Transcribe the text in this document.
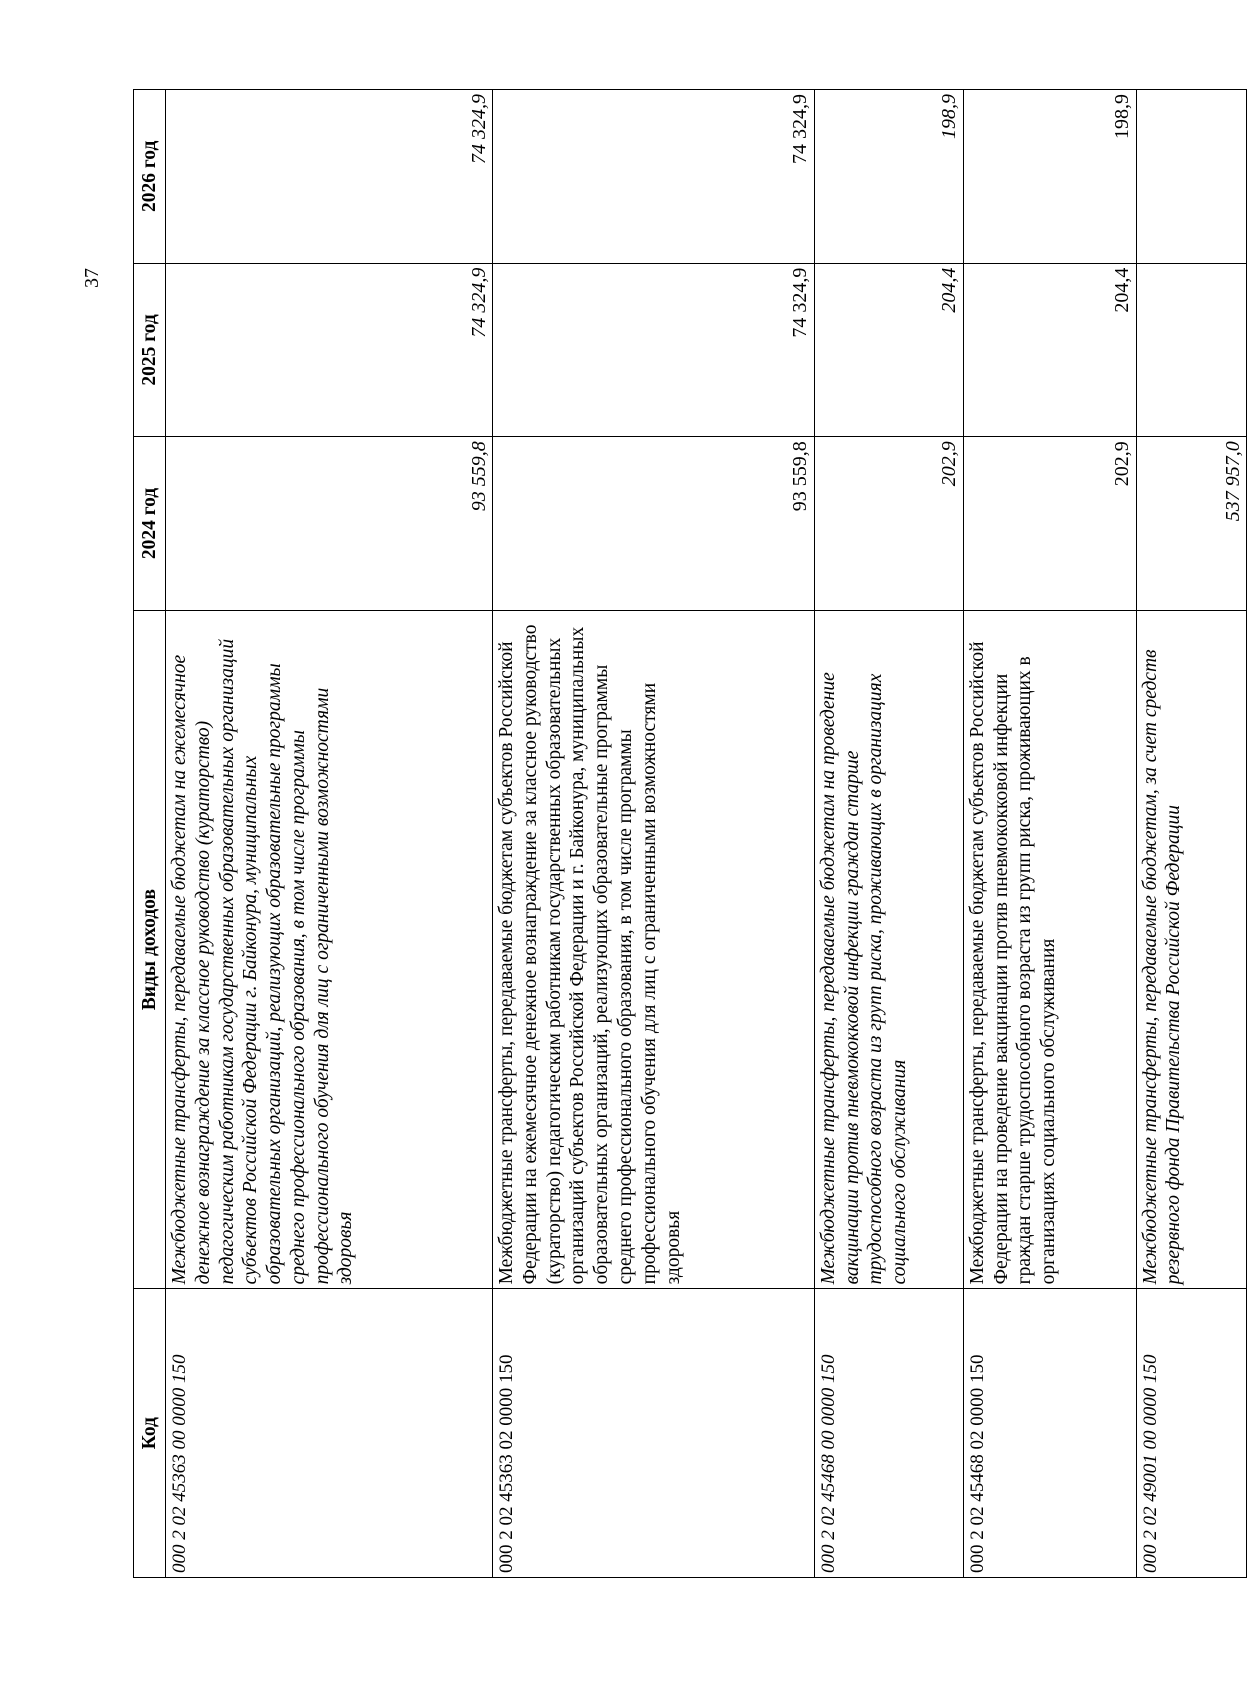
37
Код	Виды доходов	2024 год	2025 год	2026 год
000 2 02 45363 00 0000 150	Межбюджетные трансферты, передаваемые бюджетам на ежемесячное денежное вознаграждение за классное руководство (кураторство) педагогическим работникам государственных образовательных организаций субъектов Российской Федерации г. Байконура, муниципальных образовательных организаций, реализующих образовательные программы среднего профессионального образования, в том числе программы профессионального обучения для лиц с ограниченными возможностями здоровья	93 559,8	74 324,9	74 324,9
000 2 02 45363 02 0000 150	Межбюджетные трансферты, передаваемые бюджетам субъектов Российской Федерации на ежемесячное денежное вознаграждение за классное руководство (кураторство) педагогическим работникам государственных образовательных организаций субъектов Российской Федерации и г. Байконура, муниципальных образовательных организаций, реализующих образовательные программы среднего профессионального образования, в том числе программы профессионального обучения для лиц с ограниченными возможностями здоровья	93 559,8	74 324,9	74 324,9
000 2 02 45468 00 0000 150	Межбюджетные трансферты, передаваемые бюджетам на проведение вакцинации против пневмококковой инфекции граждан старше трудоспособного возраста из групп риска, проживающих в организациях социального обслуживания	202,9	204,4	198,9
000 2 02 45468 02 0000 150	Межбюджетные трансферты, передаваемые бюджетам субъектов Российской Федерации на проведение вакцинации против пневмококковой инфекции граждан старше трудоспособного возраста из групп риска, проживающих в организациях социального обслуживания	202,9	204,4	198,9
000 2 02 49001 00 0000 150	Межбюджетные трансферты, передаваемые бюджетам, за счет средств резервного фонда Правительства Российской Федерации	537 957,0		
